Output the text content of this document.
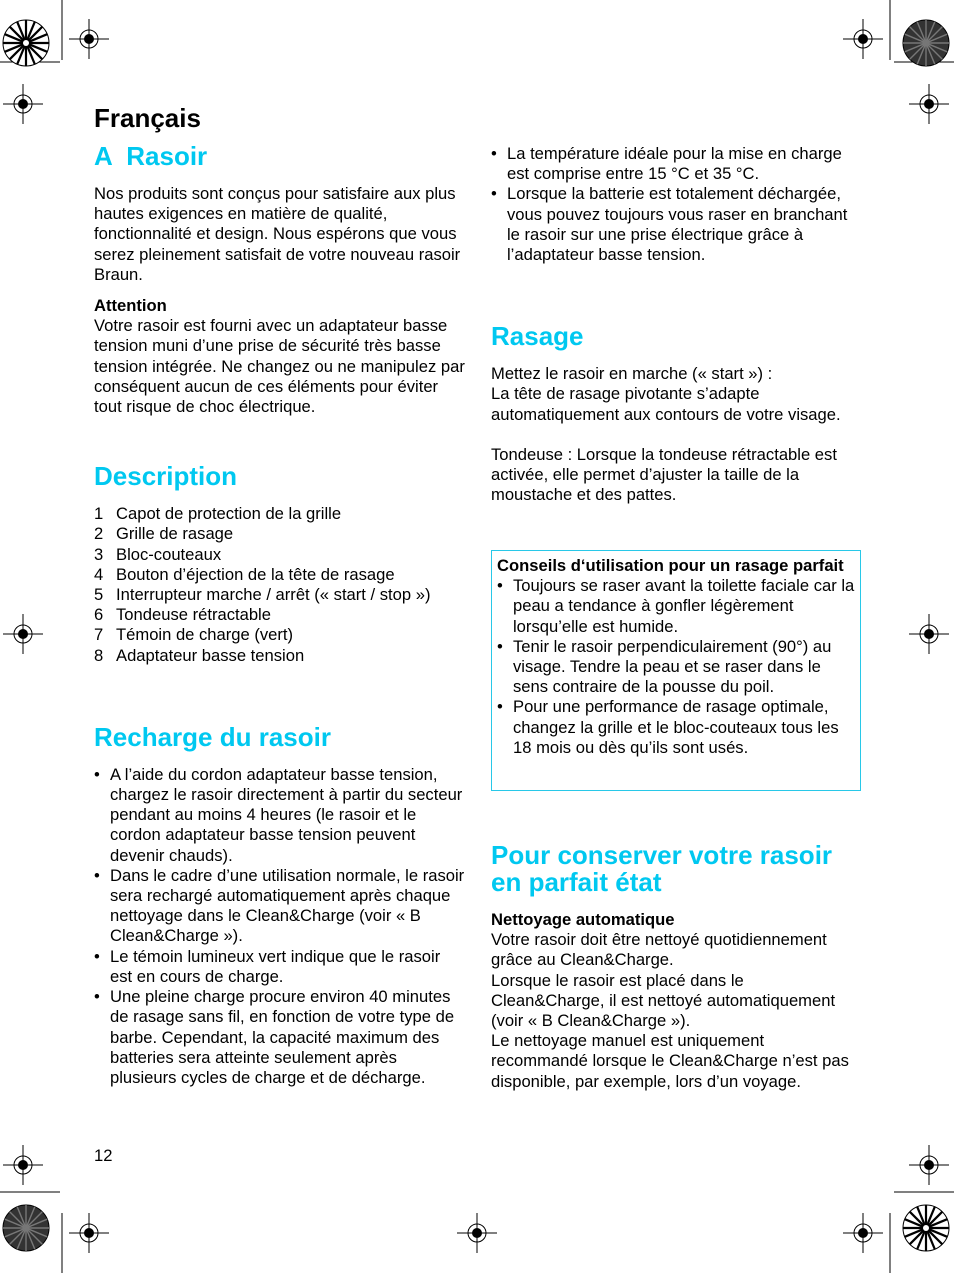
Français
A  Rasoir

Nos produits sont conçus pour satisfaire aux plus hautes exigences en matière de qualité, fonctionnalité et design. Nous espérons que vous serez pleinement satisfait de votre nouveau rasoir Braun.

Attention

Votre rasoir est fourni avec un adaptateur basse tension muni d’une prise de sécurité très basse tension intégrée. Ne changez ou ne manipulez par conséquent aucun de ces éléments pour éviter tout risque de choc électrique.

Description
1 Capot de protection de la grille
2 Grille de rasage
3 Bloc-couteaux
4 Bouton d’éjection de la tête de rasage
5 Interrupteur marche / arrêt (« start / stop »)
6 Tondeuse rétractable
7 Témoin de charge (vert)
8 Adaptateur basse tension
Recharge du rasoir
• A l’aide du cordon adaptateur basse tension, chargez le rasoir directement à partir du secteur pendant au moins 4 heures (le rasoir et le cordon adaptateur basse tension peuvent devenir chauds).
• Dans le cadre d’une utilisation normale, le rasoir sera rechargé automatiquement après chaque nettoyage dans le Clean&Charge (voir « B Clean&Charge »).
• Le témoin lumineux vert indique que le rasoir est en cours de charge.
• Une pleine charge procure environ 40 minutes de rasage sans fil, en fonction de votre type de barbe. Cependant, la capacité maximum des batteries sera atteinte seulement après plusieurs cycles de charge et de décharge.
• La température idéale pour la mise en charge est comprise entre 15 °C et 35 °C.
• Lorsque la batterie est totalement déchargée, vous pouvez toujours vous raser en branchant le rasoir sur une prise électrique grâce à l’adaptateur basse tension.
Rasage

Mettez le rasoir en marche (« start ») :

La tête de rasage pivotante s’adapte automatiquement aux contours de votre visage.

Tondeuse : Lorsque la tondeuse rétractable est activée, elle permet d’ajuster la taille de la moustache et des pattes.

Conseils d‘utilisation pour un rasage parfait

• Toujours se raser avant la toilette faciale car la peau a tendance à gonfler légèrement lorsqu’elle est humide.
• Tenir le rasoir perpendiculairement (90°) au visage. Tendre la peau et se raser dans le sens contraire de la pousse du poil.
• Pour une performance de rasage optimale, changez la grille et le bloc-couteaux tous les 18 mois ou dès qu’ils sont usés.
Pour conserver votre rasoir en parfait état

Nettoyage automatique

Votre rasoir doit être nettoyé quotidiennement grâce au Clean&Charge.

Lorsque le rasoir est placé dans le Clean&Charge, il est nettoyé automatiquement (voir « B Clean&Charge »).

Le nettoyage manuel est uniquement recommandé lorsque le Clean&Charge n’est pas disponible, par exemple, lors d’un voyage.

12
